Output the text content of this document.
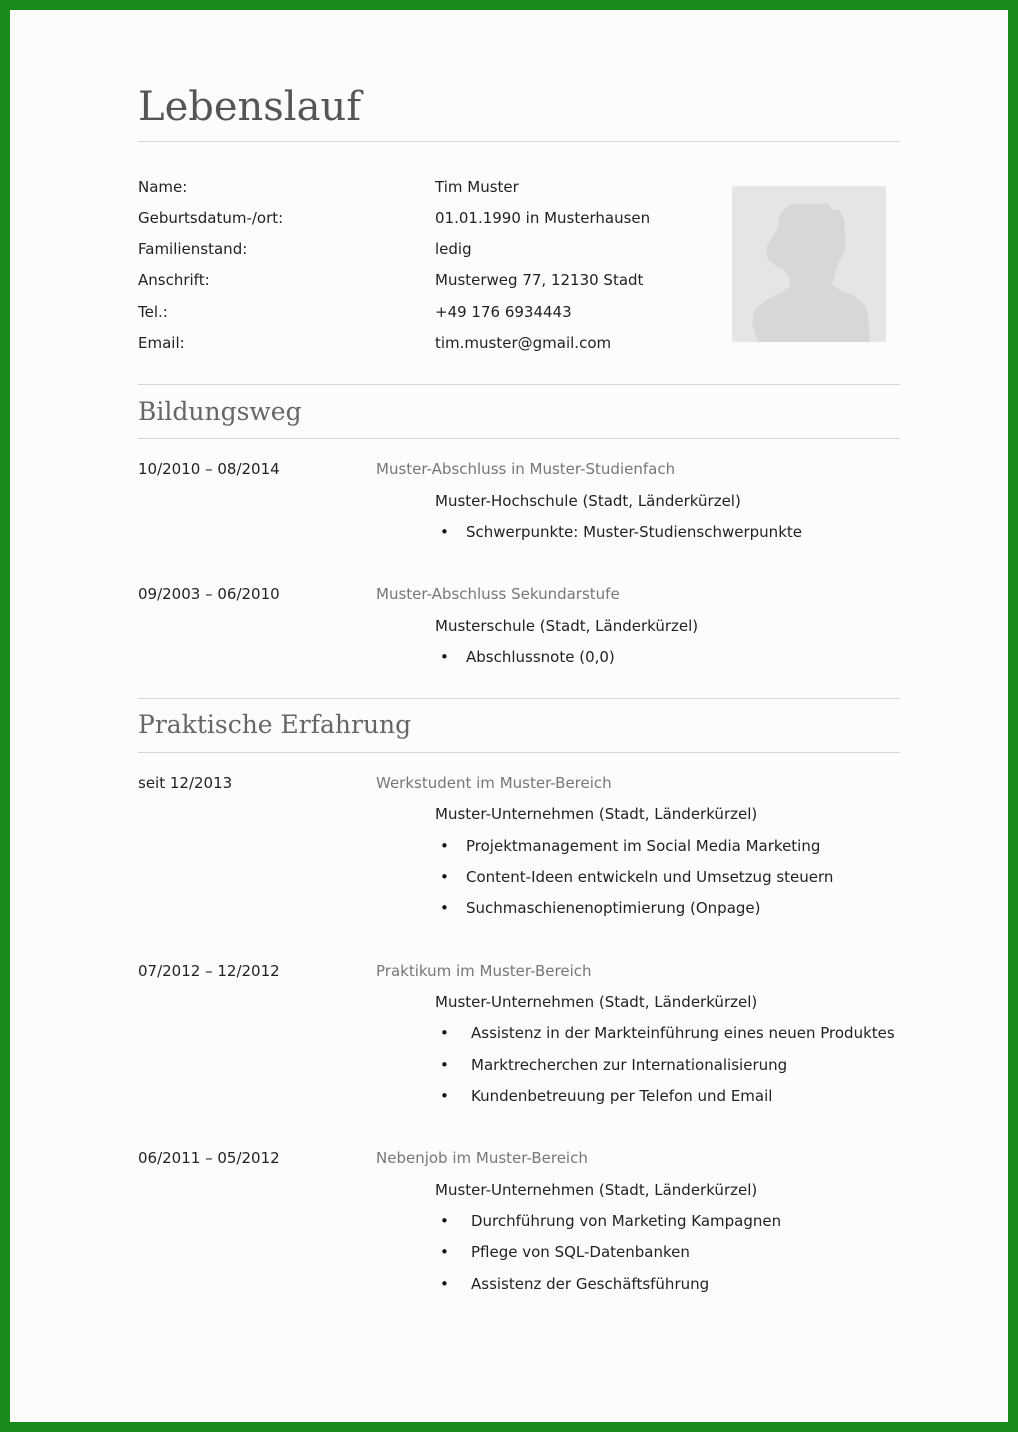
Lebenslauf
Name:	Tim Muster
Geburtsdatum-/ort:	01.01.1990 in Musterhausen
Familienstand:	ledig
Anschrift:	Musterweg 77, 12130 Stadt
Tel.:	+49 176 6934443
Email:	tim.muster@gmail.com
Bildungsweg
10/2010 – 08/2014	Muster-Abschluss in Muster-Studienfach
Muster-Hochschule (Stadt, Länderkürzel)
• Schwerpunkte: Muster-Studienschwerpunkte
09/2003 – 06/2010	Muster-Abschluss Sekundarstufe
Musterschule (Stadt, Länderkürzel)
• Abschlussnote (0,0)
Praktische Erfahrung
seit 12/2013	Werkstudent im Muster-Bereich
Muster-Unternehmen (Stadt, Länderkürzel)
• Projektmanagement im Social Media Marketing
• Content-Ideen entwickeln und Umsetzug steuern
• Suchmaschienenoptimierung (Onpage)
07/2012 – 12/2012	Praktikum im Muster-Bereich
Muster-Unternehmen (Stadt, Länderkürzel)
• Assistenz in der Markteinführung eines neuen Produktes
• Marktrecherchen zur Internationalisierung
• Kundenbetreuung per Telefon und Email
06/2011 – 05/2012	Nebenjob im Muster-Bereich
Muster-Unternehmen (Stadt, Länderkürzel)
• Durchführung von Marketing Kampagnen
• Pflege von SQL-Datenbanken
• Assistenz der Geschäftsführung
